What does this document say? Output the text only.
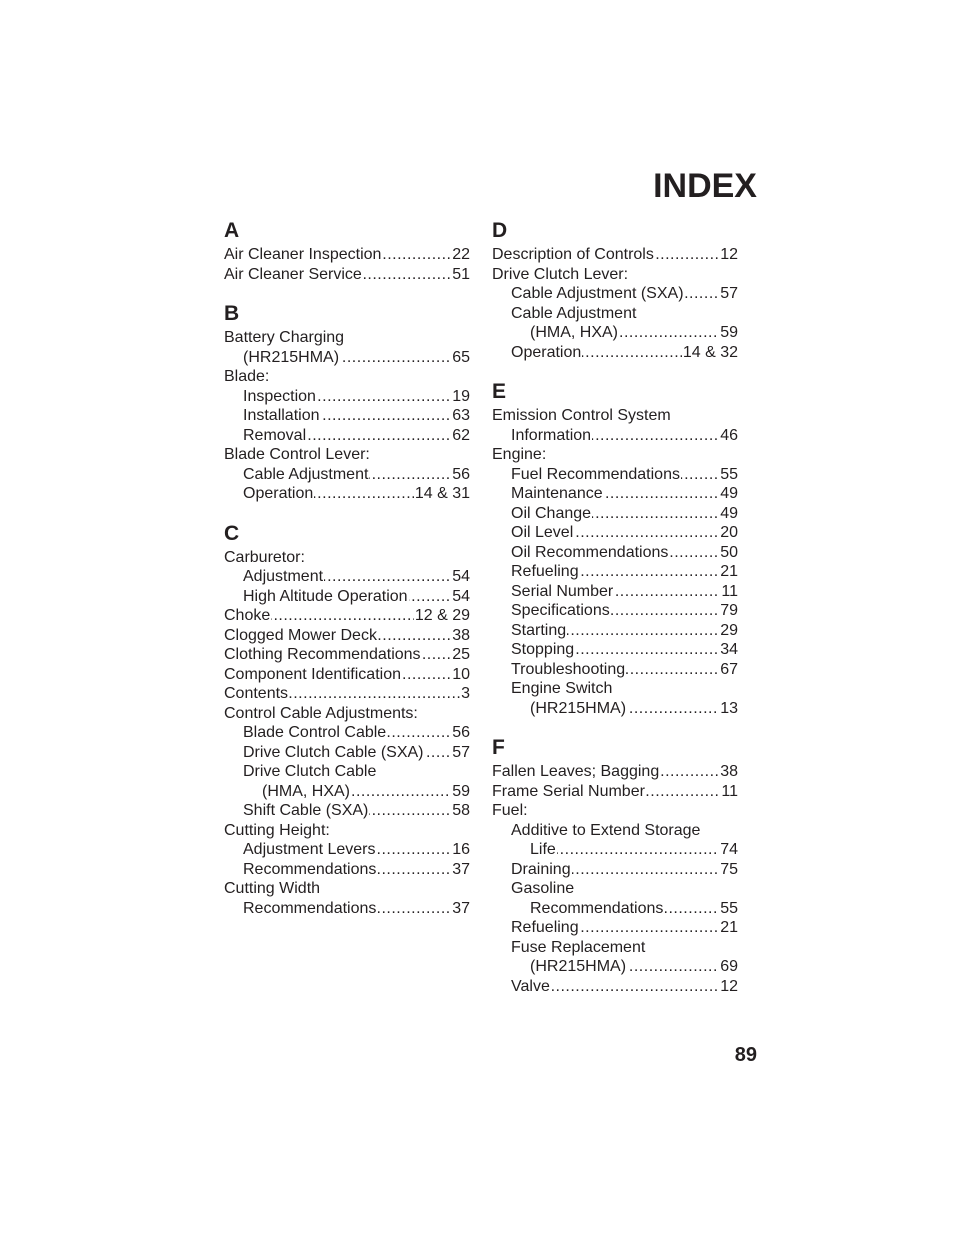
INDEX
A
..... Air Cleaner Inspection	22
..... Air Cleaner Service	51
B
Battery Charging
..... (HR215HMA)	65
Blade:
..... Inspection	19
..... Installation	63
..... Removal	62
Blade Control Lever:
..... Cable Adjustment	56
..... Operation	14 & 31
C
Carburetor:
..... Adjustment	54
..... High Altitude Operation	54
..... Choke	12 & 29
..... Clogged Mower Deck	38
..... Clothing Recommendations 25
..... Component Identification	10
..... Contents	3
Control Cable Adjustments:
..... Blade Control Cable	56
..... Drive Clutch Cable (SXA) 57
Drive Clutch Cable
..... (HMA, HXA)	59
..... Shift Cable (SXA)	58
Cutting Height:
..... Adjustment Levers	16
..... Recommendations	37
Cutting Width
..... Recommendations	37
D
..... Description of Controls	12
Drive Clutch Lever:
..... Cable Adjustment (SXA) 57
Cable Adjustment
..... (HMA, HXA)	59
..... Operation	14 & 32
E
Emission Control System
..... Information	46
Engine:
..... Fuel Recommendations	55
..... Maintenance	49
..... Oil Change	49
..... Oil Level	20
..... Oil Recommendations	50
..... Refueling	21
..... Serial Number	11
..... Specifications	79
..... Starting	29
..... Stopping	34
..... Troubleshooting	67
Engine Switch
..... (HR215HMA)	13
F
..... Fallen Leaves; Bagging	38
..... Frame Serial Number	11
Fuel:
Additive to Extend Storage
..... Life	74
..... Draining	75
Gasoline
..... Recommendations	55
..... Refueling	21
Fuse Replacement
..... (HR215HMA)	69
..... Valve	12
89
